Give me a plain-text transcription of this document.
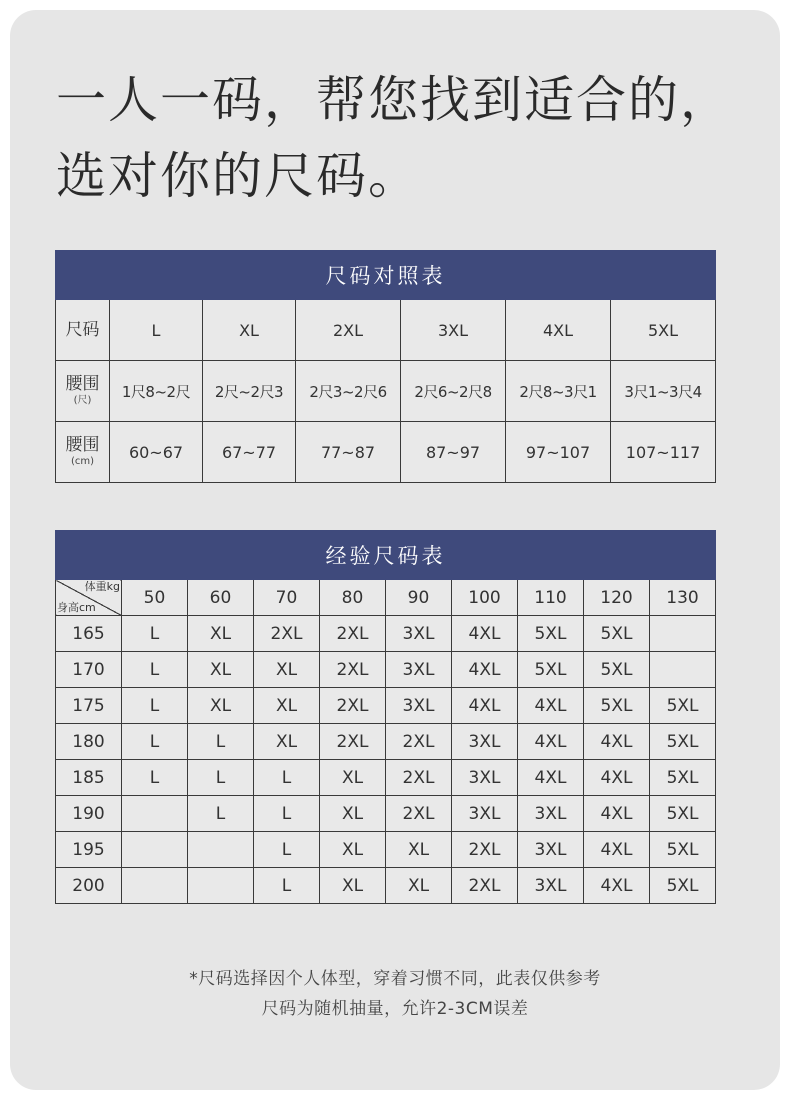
一人一码，帮您找到适合的，
选对你的尺码。
尺码对照表						
尺码	L	XL	2XL	3XL	4XL	5XL
腰围
(尺)	1尺8~2尺	2尺~2尺3	2尺3~2尺6	2尺6~2尺8	2尺8~3尺1	3尺1~3尺4
腰围
(cm)	60~67	67~77	77~87	87~97	97~107	107~117
经验尺码表									

体重kg
身高cm	50	60	70	80	90	100	110	120	130
165	L	XL	2XL	2XL	3XL	4XL	5XL	5XL	
170	L	XL	XL	2XL	3XL	4XL	5XL	5XL	
175	L	XL	XL	2XL	3XL	4XL	4XL	5XL	5XL
180	L	L	XL	2XL	2XL	3XL	4XL	4XL	5XL
185	L	L	L	XL	2XL	3XL	4XL	4XL	5XL
190		L	L	XL	2XL	3XL	3XL	4XL	5XL
195			L	XL	XL	2XL	3XL	4XL	5XL
200			L	XL	XL	2XL	3XL	4XL	5XL

*尺码选择因个人体型，穿着习惯不同，此表仅供参考

尺码为随机抽量，允许2-3CM误差
